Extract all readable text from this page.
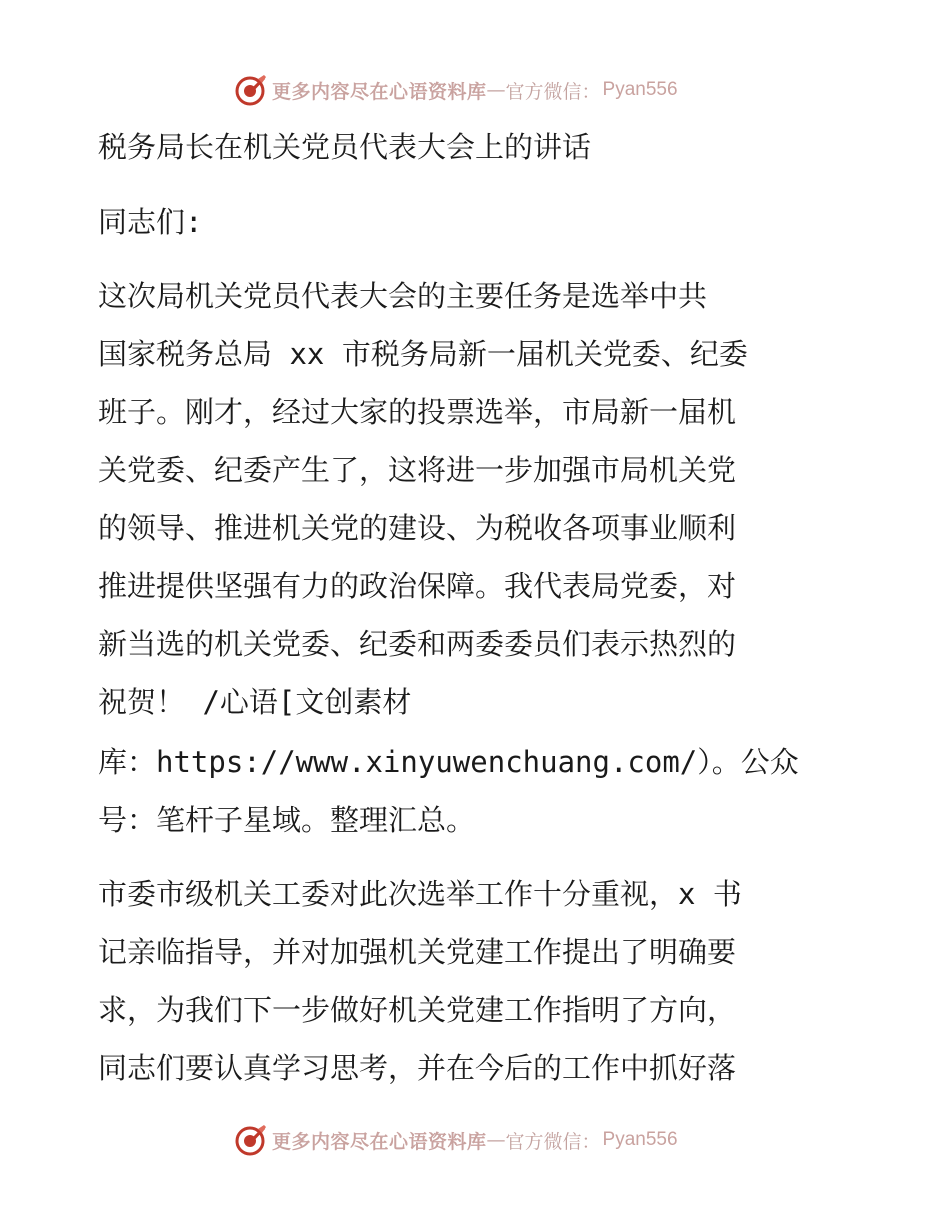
更多内容尽在心语资料库 — 官方微信： Pyan556

税务局长在机关党员代表大会上的讲话

同志们:

这次局机关党员代表大会的主要任务是选举中共

国家税务总局 xx 市税务局新一届机关党委、纪委

班子。刚才，经过大家的投票选举，市局新一届机

关党委、纪委产生了，这将进一步加强市局机关党

的领导、推进机关党的建设、为税收各项事业顺利

推进提供坚强有力的政治保障。我代表局党委，对

新当选的机关党委、纪委和两委委员们表示热烈的

祝贺！ /心语[文创素材

库：https://www.xinyuwenchuang.com/）。公众

号：笔杆子星域。整理汇总。

市委市级机关工委对此次选举工作十分重视，x 书

记亲临指导，并对加强机关党建工作提出了明确要

求，为我们下一步做好机关党建工作指明了方向，

同志们要认真学习思考，并在今后的工作中抓好落

更多内容尽在心语资料库 — 官方微信： Pyan556
